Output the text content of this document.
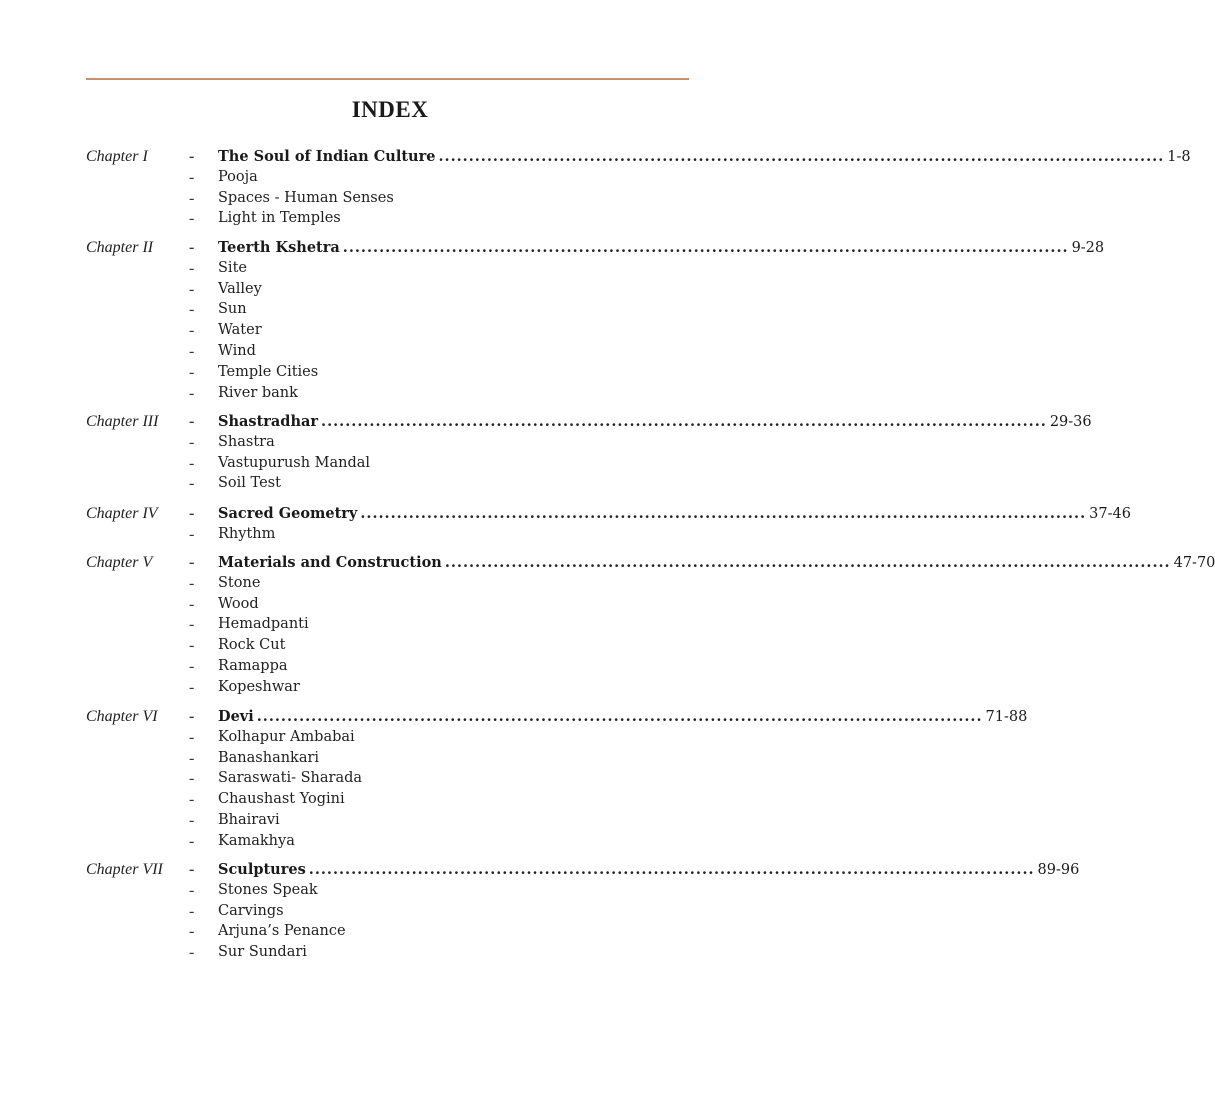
INDEX
Chapter I	- The Soul of Indian Culture ........................................................................................................................ 1-8
- Pooja
- Spaces - Human Senses
- Light in Temples
Chapter II - Teerth Kshetra ........................................................................................................................ 9-28
- Site
- Valley
- Sun
- Water
- Wind
- Temple Cities
- River bank
Chapter III - Shastradhar ........................................................................................................................ 29-36
- Shastra
- Vastupurush Mandal
- Soil Test
Chapter IV - Sacred Geometry ........................................................................................................................ 37-46
- Rhythm
Chapter V - Materials and Construction ........................................................................................................................ 47-70
- Stone
- Wood
- Hemadpanti
- Rock Cut
- Ramappa
- Kopeshwar
Chapter VI - Devi ........................................................................................................................ 71-88
- Kolhapur Ambabai
- Banashankari
- Saraswati- Sharada
- Chaushast Yogini
- Bhairavi
- Kamakhya
Chapter VII - Sculptures ........................................................................................................................ 89-96
- Stones Speak
- Carvings
- Arjuna’s Penance
- Sur Sundari
